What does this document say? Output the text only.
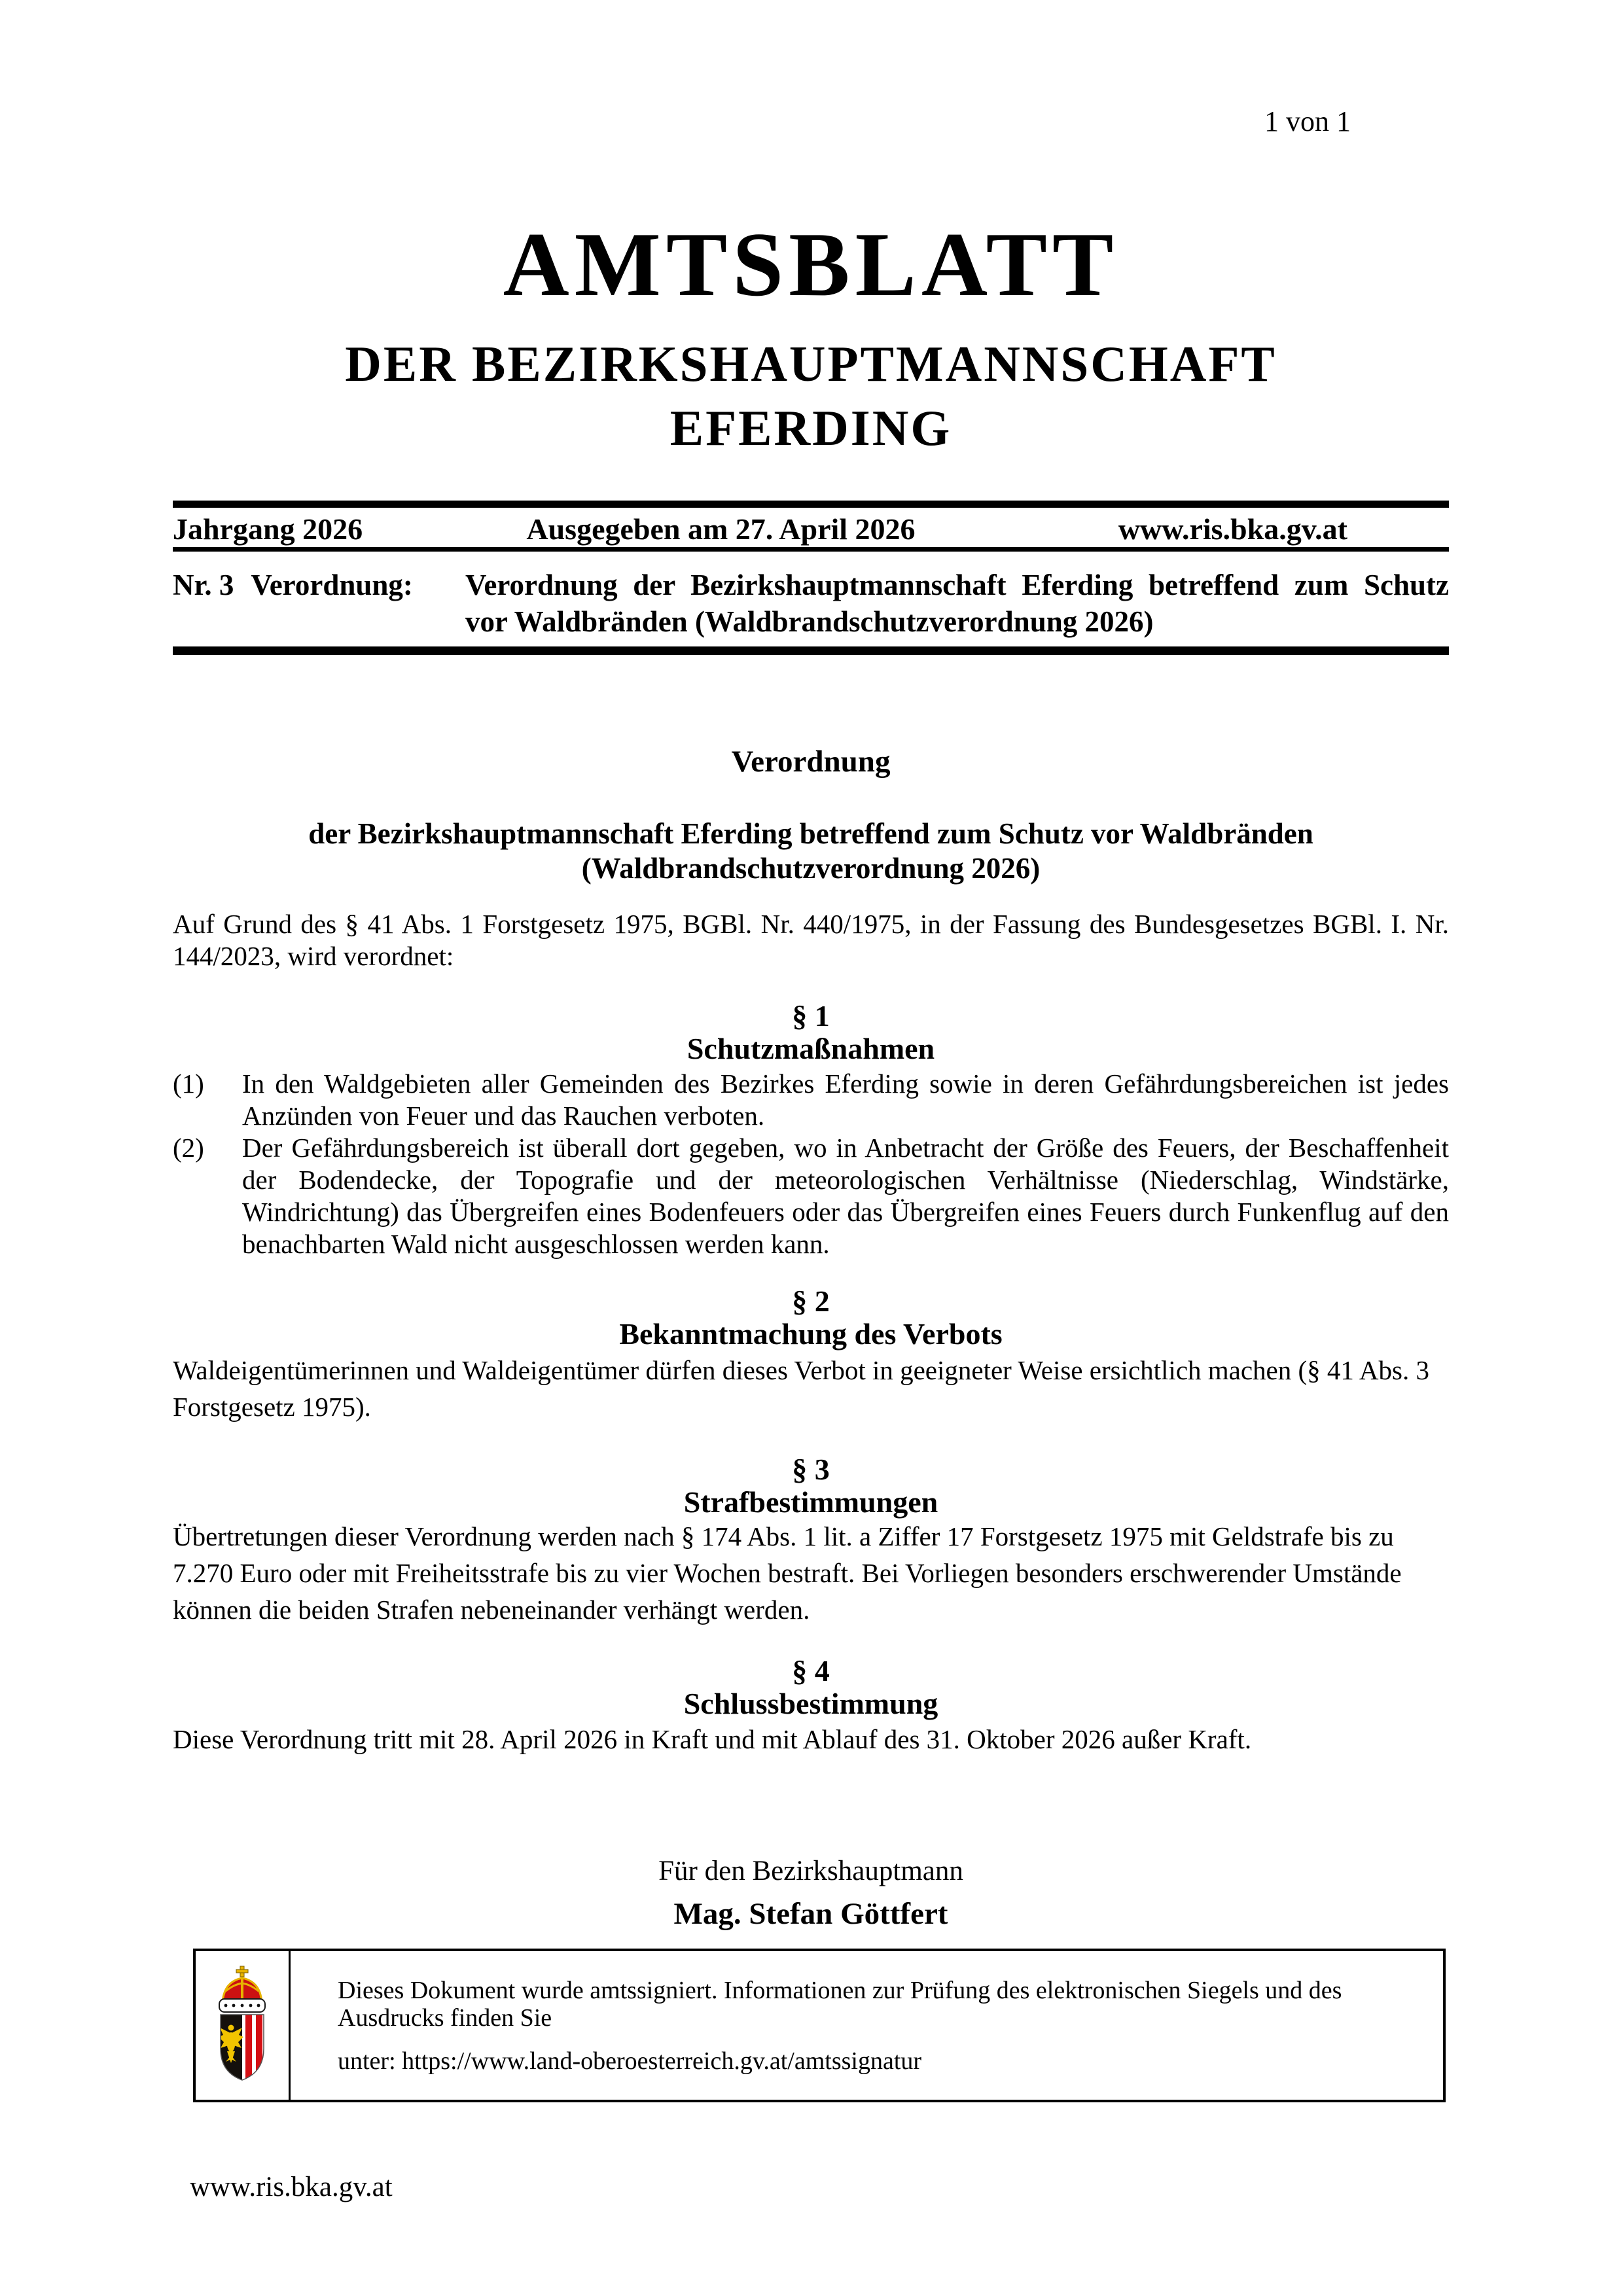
1 von 1
AMTSBLATT
DER BEZIRKSHAUPTMANNSCHAFT
EFERDING
Jahrgang 2026	Ausgegeben am 27. April 2026	www.ris.bka.gv.at
Nr. 3 Verordnung:	Verordnung der Bezirkshauptmannschaft Eferding betreffend zum Schutz vor Waldbränden (Waldbrandschutzverordnung 2026)
Verordnung
der Bezirkshauptmannschaft Eferding betreffend zum Schutz vor Waldbränden
(Waldbrandschutzverordnung 2026)
Auf Grund des § 41 Abs. 1 Forstgesetz 1975, BGBl. Nr. 440/1975, in der Fassung des Bundesgesetzes BGBl. I. Nr. 144/2023, wird verordnet:
§ 1
Schutzmaßnahmen
(1)	In den Waldgebieten aller Gemeinden des Bezirkes Eferding sowie in deren Gefährdungsbereichen ist jedes Anzünden von Feuer und das Rauchen verboten.
(2)	Der Gefährdungsbereich ist überall dort gegeben, wo in Anbetracht der Größe des Feuers, der Beschaffenheit der Bodendecke, der Topografie und der meteorologischen Verhältnisse (Niederschlag, Windstärke, Windrichtung) das Übergreifen eines Bodenfeuers oder das Übergreifen eines Feuers durch Funkenflug auf den benachbarten Wald nicht ausgeschlossen werden kann.
§ 2
Bekanntmachung des Verbots
Waldeigentümerinnen und Waldeigentümer dürfen dieses Verbot in geeigneter Weise ersichtlich machen (§ 41 Abs. 3 Forstgesetz 1975).
§ 3
Strafbestimmungen
Übertretungen dieser Verordnung werden nach § 174 Abs. 1 lit. a Ziffer 17 Forstgesetz 1975 mit Geldstrafe bis zu 7.270 Euro oder mit Freiheitsstrafe bis zu vier Wochen bestraft. Bei Vorliegen besonders erschwerender Umstände können die beiden Strafen nebeneinander verhängt werden.
§ 4
Schlussbestimmung
Diese Verordnung tritt mit 28. April 2026 in Kraft und mit Ablauf des 31. Oktober 2026 außer Kraft.
Für den Bezirkshauptmann
Mag. Stefan Göttfert
Dieses Dokument wurde amtssigniert. Informationen zur Prüfung des elektronischen Siegels und des Ausdrucks finden Sie
unter: https://www.land-oberoesterreich.gv.at/amtssignatur
www.ris.bka.gv.at
